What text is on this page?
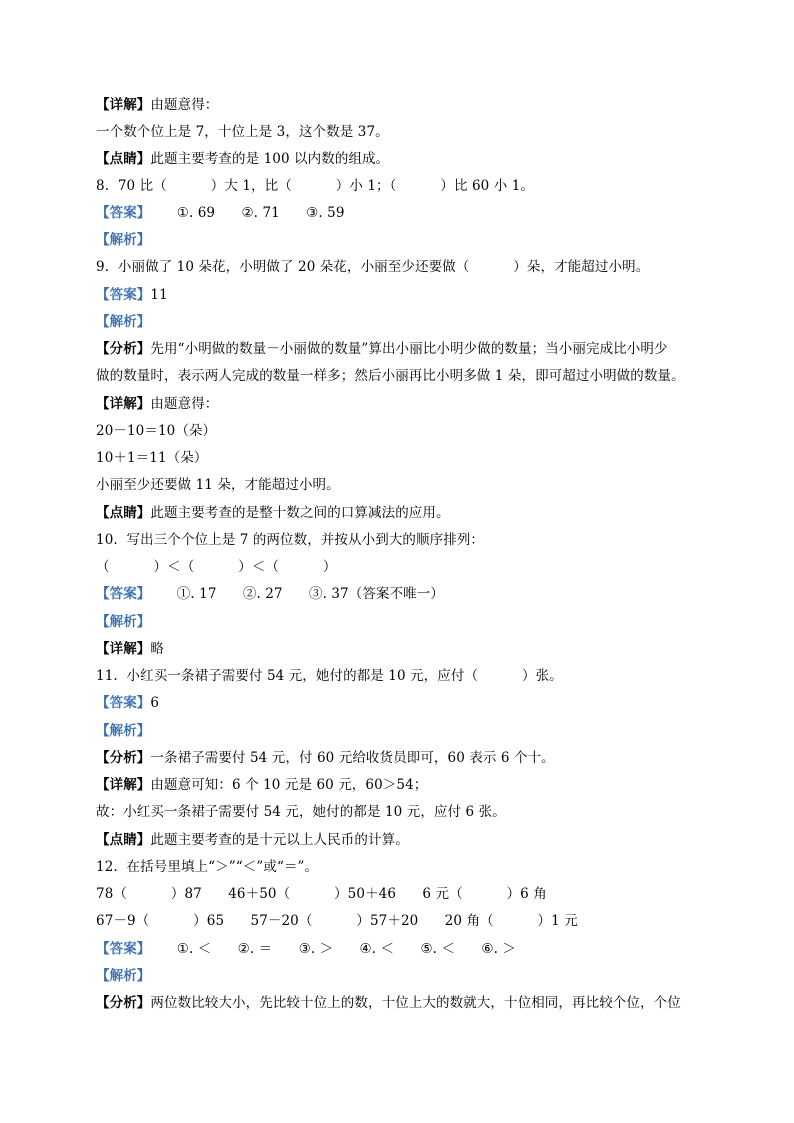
【详解】由题意得：
一个数个位上是 7，十位上是 3，这个数是 37。
【点睛】此题主要考查的是 100 以内数的组成。
8.  70 比（          ）大 1，比（          ）小 1；（          ）比 60 小 1。
【答案】      ①. 69      ②. 71      ③. 59
【解析】
9.  小丽做了 10 朵花，小明做了 20 朵花，小丽至少还要做（          ）朵，才能超过小明。
【答案】11
【解析】
【分析】先用“小明做的数量－小丽做的数量”算出小丽比小明少做的数量；当小丽完成比小明少
做的数量时，表示两人完成的数量一样多；然后小丽再比小明多做 1 朵，即可超过小明做的数量。
【详解】由题意得：
20－10＝10（朵）
10＋1＝11（朵）
小丽至少还要做 11 朵，才能超过小明。
【点睛】此题主要考查的是整十数之间的口算减法的应用。
10.  写出三个个位上是 7 的两位数，并按从小到大的顺序排列：
（          ）＜（          ）＜（          ）
【答案】      ①. 17      ②. 27      ③. 37（答案不唯一）
【解析】
【详解】略
11.  小红买一条裙子需要付 54 元，她付的都是 10 元，应付（          ）张。
【答案】6
【解析】
【分析】一条裙子需要付 54 元，付 60 元给收货员即可，60 表示 6 个十。
【详解】由题意可知：6 个 10 元是 60 元，60＞54；
故：小红买一条裙子需要付 54 元，她付的都是 10 元，应付 6 张。
【点睛】此题主要考查的是十元以上人民币的计算。
12.  在括号里填上“＞”“＜”或“＝”。
78（          ）87      46＋50（          ）50＋46      6 元（          ）6 角
67－9（          ）65      57－20（          ）57＋20      20 角（          ）1 元
【答案】      ①. ＜      ②. ＝      ③. ＞      ④. ＜      ⑤. ＜      ⑥. ＞
【解析】
【分析】两位数比较大小，先比较十位上的数，十位上大的数就大，十位相同，再比较个位，个位
